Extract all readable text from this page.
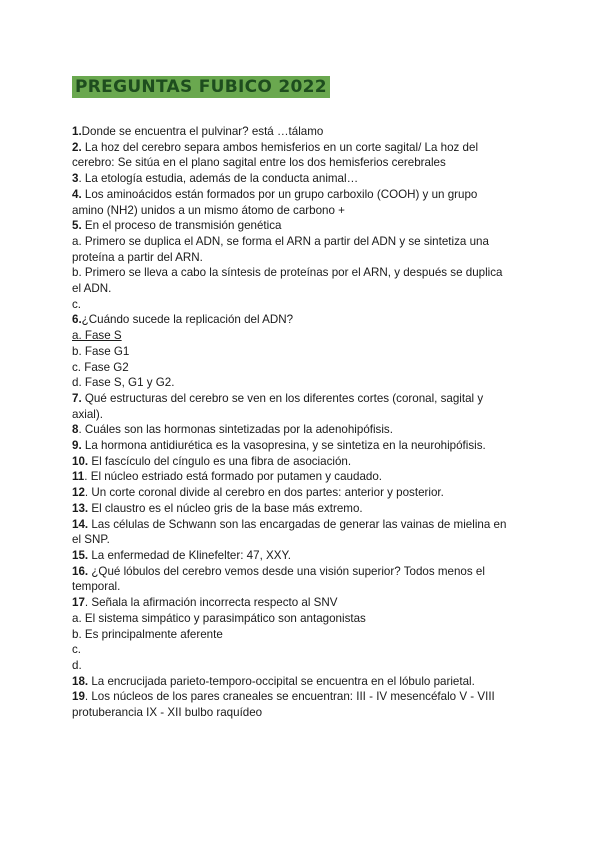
PREGUNTAS FUBICO 2022
1.Donde se encuentra el pulvinar? está …tálamo
2. La hoz del cerebro separa ambos hemisferios en un corte sagital/ La hoz del
cerebro: Se sitúa en el plano sagital entre los dos hemisferios cerebrales
3. La etología estudia, además de la conducta animal…
4. Los aminoácidos están formados por un grupo carboxilo (COOH) y un grupo
amino (NH2) unidos a un mismo átomo de carbono +
5. En el proceso de transmisión genética
a. Primero se duplica el ADN, se forma el ARN a partir del ADN y se sintetiza una
proteína a partir del ARN.
b. Primero se lleva a cabo la síntesis de proteínas por el ARN, y después se duplica
el ADN.
c.
6.¿Cuándo sucede la replicación del ADN?
a. Fase S
b. Fase G1
c. Fase G2
d. Fase S, G1 y G2.
7. Qué estructuras del cerebro se ven en los diferentes cortes (coronal, sagital y
axial).
8. Cuáles son las hormonas sintetizadas por la adenohipófisis.
9. La hormona antidiurética es la vasopresina, y se sintetiza en la neurohipófisis.
10. El fascículo del cíngulo es una fibra de asociación.
11. El núcleo estriado está formado por putamen y caudado.
12. Un corte coronal divide al cerebro en dos partes: anterior y posterior.
13. El claustro es el núcleo gris de la base más extremo.
14. Las células de Schwann son las encargadas de generar las vainas de mielina en
el SNP.
15. La enfermedad de Klinefelter: 47, XXY.
16. ¿Qué lóbulos del cerebro vemos desde una visión superior? Todos menos el
temporal.
17. Señala la afirmación incorrecta respecto al SNV
a. El sistema simpático y parasimpático son antagonistas
b. Es principalmente aferente
c.
d.
18. La encrucijada parieto-temporo-occipital se encuentra en el lóbulo parietal.
19. Los núcleos de los pares craneales se encuentran: III - IV mesencéfalo V - VIII
protuberancia IX - XII bulbo raquídeo
